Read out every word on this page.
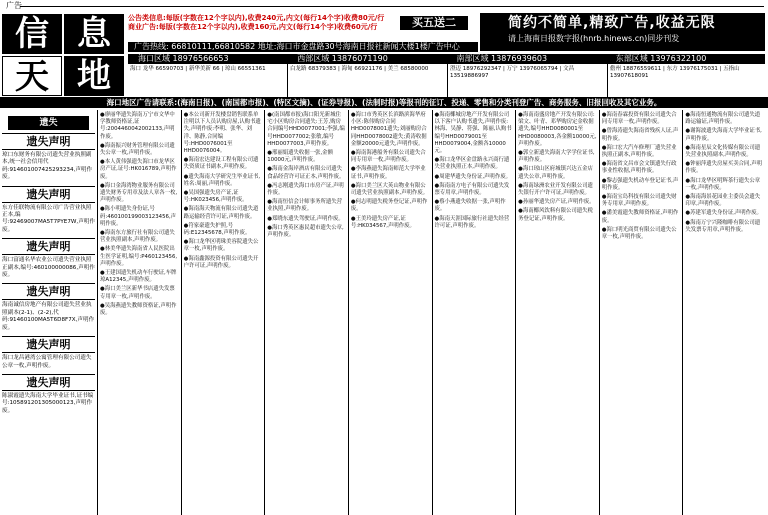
广告
信 息
天 地
公告类信息:每版(字数在12个字以内),收费240元,内文(每行14个字)收费80元/行
商业广告:每版(字数在12个字以内),收费160元,内文(每行14个字)收费60元/行	买五送二	简约不简单,精致广告,收益无限
请上海南日报数字报(hnrb.hinews.cn)同步刊发
广告热线: 66810111,66810582 地址:海口市金盘路30号海南日报社新闻大楼1楼广告中心
海口区域 18976566653	西部区域 13876071190	南部区域 13876939603	东部区域 13976322100
海口 龙华 66590703 | 新华美新 66 | 琼山 66551361	白龙路 68379383 | 海甸 66921176 | 美兰 68580000	澄迈 18976292347 | 万宁 13976065794 | 文昌 13519886997
儋州 18876559611 | 东方 13976175031 | 五指山 13907618091
海口地区广告请联系:(海南日报)、(南国都市报)、(特区文摘)、(证券导报)、(法制时报)等报刊的征订、投递、零售和分类刊登广告、商务服务、旧报回收及其它业务。
遗失
遗失声明
琼口东财务有限公司遗失营业执照副本,统一社会信用代码:914601007425293234,声明作废。
遗失声明
东方佳联物流有限公司广告营业执照正本,编号:92469007MA5T7PYE7W,声明作废。
遗失声明
海口富通名华农业公司遗失营业执照正副本,编号:460100000086,声明作废。
遗失声明
海南诚信房地产有限公司遗失营业执照副本(2-1)、(2-2),代码:91460100MA5T6D8F7X,声明作废。
遗失声明
海口龙昌港湾公寓管理有限公司遗失公章一枚,声明作废。
遗失声明
陈淑霞遗失海南大学毕业证书,证书编号:105891201305000123,声明作废。

●廖丽华遗失海南万宁市文华中学教师资格证,证号:2004460042002133,声明作废。

●海南振兴财务管理有限公司遗失公章一枚,声明作废。

●本人黄伟强遗失海口市龙华区房产证,证号:HK016789,声明作废。

●海口金海湾物业服务有限公司遗失财务专用章及法人章各一枚,声明作废。

●陈小明遗失身份证,号码:460100199003123456,声明作废。

●海南东方旅行社有限公司遗失营业执照副本,声明作废。

●林美华遗失海南省人民医院出生医学证明,编号:P460123456,声明作废。

●王建国遗失机动车行驶证,车牌琼A12345,声明作废。

●海口美兰区新华书店遗失发票专用章一枚,声明作废。

●吴海燕遗失教师资格证,声明作废。

●本公司新开发楼盘销售联系单注明以下人员认购房屋,认购书遗失,声明作废:李明、张华、刘洋、陈静,合同编号:HHD0076001至HHD0076004。

●海南宏达建设工程有限公司遗失资质证书副本,声明作废。

●遗失海南大学研究生毕业证书,姓名:周丽,声明作废。

●吴国强遗失房产证,证号:HK023456,声明作废。

●海南海天物流有限公司遗失道路运输经营许可证,声明作废。

●符家豪遗失护照,号码:E12345678,声明作废。

●海口龙华区明珠美容院遗失公章一枚,声明作废。

●海南鑫源投资有限公司遗失开户许可证,声明作废。

●(南国都市报)海口阳光新城住宅小区购房合同遗失:王芳,购房合同编号HHD0077001;李强,编号HHD0077002;张敏,编号HHD0077003,声明作废。

●邢丽娟遗失收据一张,金额10000元,声明作废。

●海南金海岸酒店有限公司遗失食品经营许可证正本,声明作废。

●冯志刚遗失海口市房产证,声明作废。

●海南恒信会计师事务所遗失营业执照,声明作废。

●郑晓东遗失驾驶证,声明作废。

●海口秀英区惠民超市遗失公章,声明作废。

●海口市秀英区长滨路滨海华府小区:陈伟购房合同HHD0078001遗失;刘丽购房合同HHD0078002遗失;黄涛收据金额20000元遗失,声明作废。

●海南海港船务有限公司遗失合同专用章一枚,声明作废。

●李海燕遗失海南师范大学毕业证书,声明作废。

●海口美兰区大英山物业有限公司遗失营业执照副本,声明作废。

●何志明遗失税务登记证,声明作废。

●王美玲遗失房产证,证号:HK034567,声明作废。

●海南椰城房地产开发有限公司以下客户认购书遗失,声明作废:林海、吴静、符强、陈丽,认购书编号HHD0079001至HHD0079004,金额各10000元。

●海口龙华区金盘路永兴商行遗失营业执照正本,声明作废。

●周建华遗失身份证,声明作废。

●海南南方电子有限公司遗失发票专用章,声明作废。

●蔡小燕遗失收据一张,声明作废。

●海南天涯国际旅行社遗失经营许可证,声明作废。

●海南南盛房地产开发有限公司:梁文、叶青、邓华购房定金收据遗失,编号HHD0080001至HHD0080003,各金额10000元,声明作废。

●郭立新遗失海南大学学位证书,声明作废。

●海口琼山区府城镇兴达五金店遗失公章,声明作废。

●海南绿洲农业开发有限公司遗失银行开户许可证,声明作废。

●孙丽华遗失房产证,声明作废。

●海南椰风饮料有限公司遗失税务登记证,声明作废。

●海南春霖投资有限公司遗失合同专用章一枚,声明作废。

●曾海涛遗失海南省残疾人证,声明作废。

●海口宏大汽车修理厂遗失营业执照正副本,声明作废。

●海南省文昌市会文镇遗失行政事业性收据,声明作废。

●黎志强遗失机动车登记证书,声明作废。

●海南宝岛科技有限公司遗失财务专用章,声明作废。

●潘美霞遗失教师资格证,声明作废。

●海口明光商贸有限公司遗失公章一枚,声明作废。

●海南恒通物流有限公司遗失道路运输证,声明作废。

●谢海波遗失海南大学毕业证书,声明作废。

●海南星辰文化传媒有限公司遗失营业执照副本,声明作废。

●钟丽萍遗失房屋买卖合同,声明作废。

●海口龙华区明辉茶行遗失公章一枚,声明作废。

●海南海景花园业主委员会遗失印章,声明作废。

●苏建军遗失身份证,声明作废。

●海南万宁兴隆咖啡有限公司遗失发票专用章,声明作废。
